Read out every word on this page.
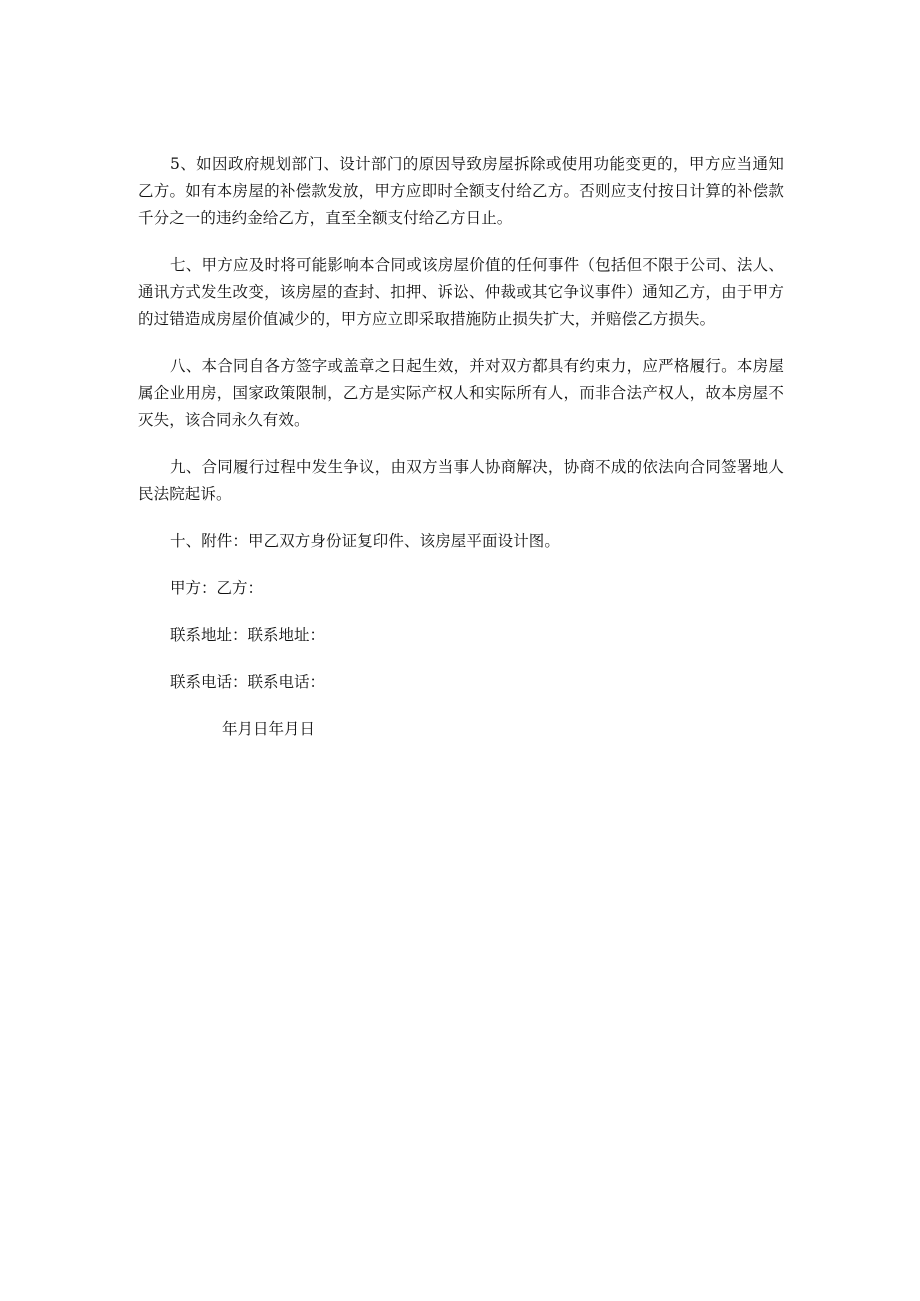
5、如因政府规划部门、设计部门的原因导致房屋拆除或使用功能变更的，甲方应当通知乙方。如有本房屋的补偿款发放，甲方应即时全额支付给乙方。否则应支付按日计算的补偿款千分之一的违约金给乙方，直至全额支付给乙方日止。

七、甲方应及时将可能影响本合同或该房屋价值的任何事件（包括但不限于公司、法人、通讯方式发生改变，该房屋的查封、扣押、诉讼、仲裁或其它争议事件）通知乙方，由于甲方的过错造成房屋价值减少的，甲方应立即采取措施防止损失扩大，并赔偿乙方损失。

八、本合同自各方签字或盖章之日起生效，并对双方都具有约束力，应严格履行。本房屋属企业用房，国家政策限制，乙方是实际产权人和实际所有人，而非合法产权人，故本房屋不灭失，该合同永久有效。

九、合同履行过程中发生争议，由双方当事人协商解决，协商不成的依法向合同签署地人民法院起诉。

十、附件：甲乙双方身份证复印件、该房屋平面设计图。

甲方：乙方：

联系地址：联系地址：

联系电话：联系电话：

年月日年月日
